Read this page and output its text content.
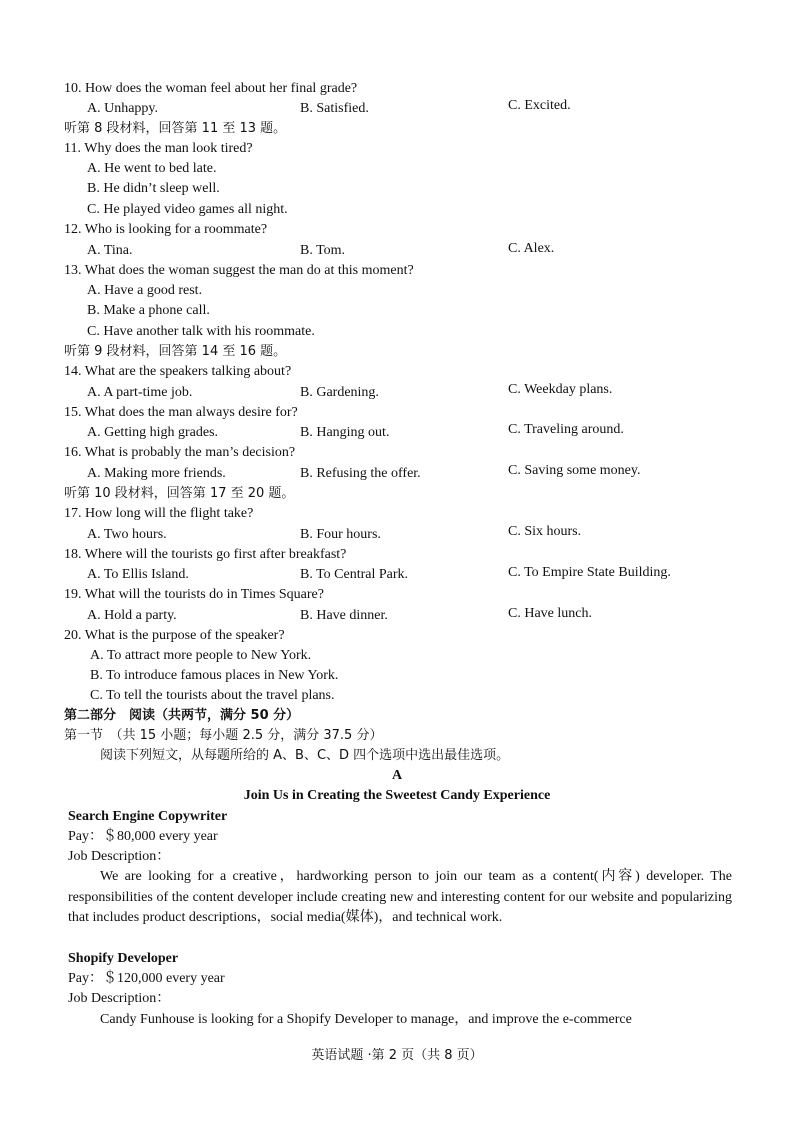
10. How does the woman feel about her final grade?
A. Unhappy.	B. Satisfied.	C. Excited.
听第 8 段材料，回答第 11 至 13 题。
11. Why does the man look tired?
A. He went to bed late.
B. He didn’t sleep well.
C. He played video games all night.
12. Who is looking for a roommate?
A. Tina.	B. Tom.	C. Alex.
13. What does the woman suggest the man do at this moment?
A. Have a good rest.
B. Make a phone call.
C. Have another talk with his roommate.
听第 9 段材料，回答第 14 至 16 题。
14. What are the speakers talking about?
A. A part-time job.	B. Gardening.	C. Weekday plans.
15. What does the man always desire for?
A. Getting high grades.	B. Hanging out.	C. Traveling around.
16. What is probably the man’s decision?
A. Making more friends.	B. Refusing the offer.	C. Saving some money.
听第 10 段材料，回答第 17 至 20 题。
17. How long will the flight take?
A. Two hours.	B. Four hours.	C. Six hours.
18. Where will the tourists go first after breakfast?
A. To Ellis Island.	B. To Central Park.	C. To Empire State Building.
19. What will the tourists do in Times Square?
A. Hold a party.	B. Have dinner.	C. Have lunch.
20. What is the purpose of the speaker?
A. To attract more people to New York.
B. To introduce famous places in New York.
C. To tell the tourists about the travel plans.
第二部分　阅读（共两节，满分 50 分）
第一节　（共 15 小题；每小题 2.5 分，满分 37.5 分）
阅读下列短文，从每题所给的 A、B、C、D 四个选项中选出最佳选项。
A
Join Us in Creating the Sweetest Candy Experience
Search Engine Copywriter
Pay：＄80,000 every year
Job Description：
We are looking for a creative，hardworking person to join our team as a content(内容) developer. The responsibilities of the content developer include creating new and interesting content for our website and popularizing that includes product descriptions，social media(媒体)，and technical work.
Shopify Developer
Pay：＄120,000 every year
Job Description：
Candy Funhouse is looking for a Shopify Developer to manage，and improve the e-commerce
英语试题 ·第 2 页（共 8 页）
